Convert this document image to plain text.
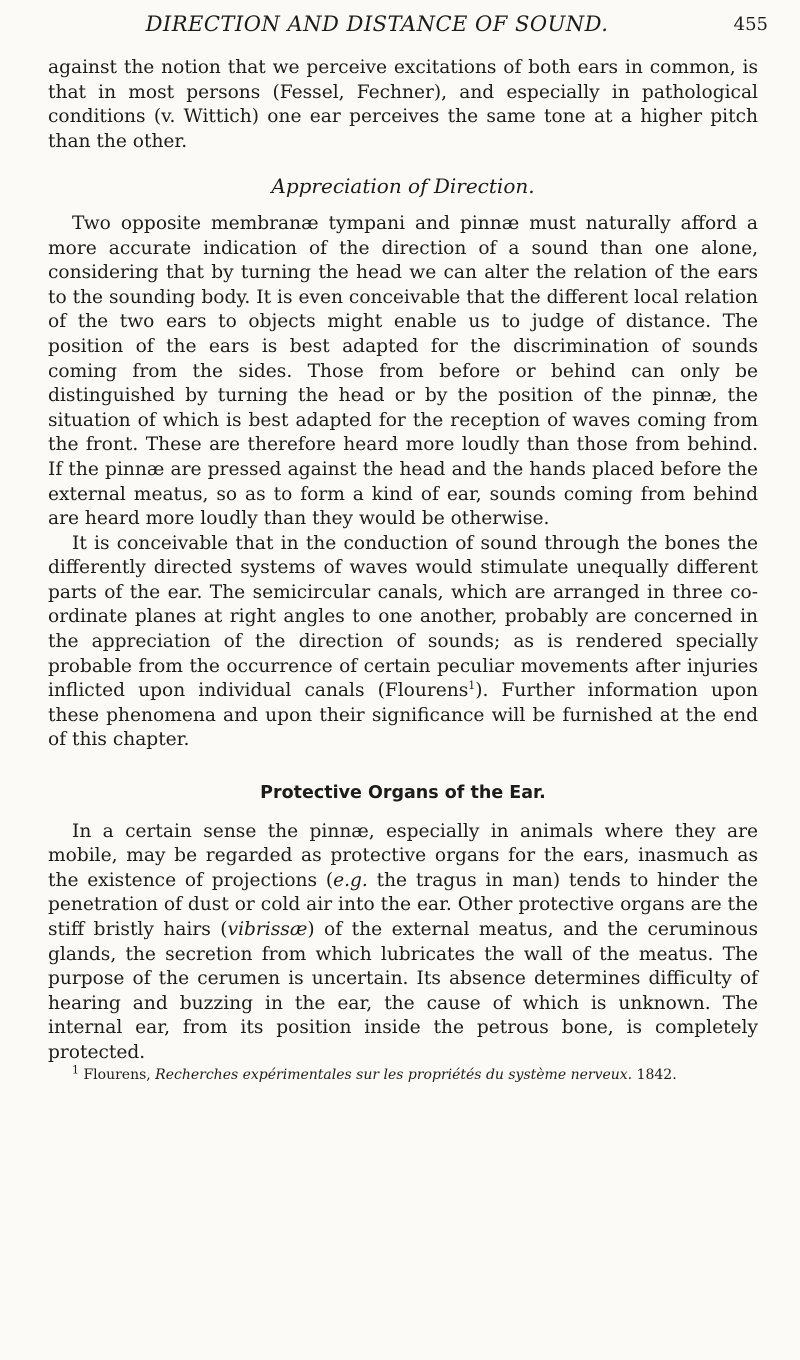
DIRECTION AND DISTANCE OF SOUND.	455

against the notion that we perceive excitations of both ears in common, is that in most persons (Fessel, Fechner), and especially in pathological conditions (v. Wittich) one ear perceives the same tone at a higher pitch than the other.

Appreciation of Direction.

Two opposite membranæ tympani and pinnæ must naturally afford a more accurate indication of the direction of a sound than one alone, considering that by turning the head we can alter the relation of the ears to the sounding body. It is even conceivable that the different local relation of the two ears to objects might enable us to judge of distance. The position of the ears is best adapted for the discrimination of sounds coming from the sides. Those from before or behind can only be distinguished by turning the head or by the position of the pinnæ, the situation of which is best adapted for the reception of waves coming from the front. These are therefore heard more loudly than those from behind. If the pinnæ are pressed against the head and the hands placed before the external meatus, so as to form a kind of ear, sounds coming from behind are heard more loudly than they would be otherwise.

It is conceivable that in the conduction of sound through the bones the differently directed systems of waves would stimulate unequally different parts of the ear. The semicircular canals, which are arranged in three co-ordinate planes at right angles to one another, probably are concerned in the appreciation of the direction of sounds; as is rendered specially probable from the occurrence of certain peculiar movements after injuries inflicted upon individual canals (Flourens$^1$). Further information upon these phenomena and upon their significance will be furnished at the end of this chapter.

Protective Organs of the Ear.

In a certain sense the pinnæ, especially in animals where they are mobile, may be regarded as protective organs for the ears, inasmuch as the existence of projections (e.g. the tragus in man) tends to hinder the penetration of dust or cold air into the ear. Other protective organs are the stiff bristly hairs (vibrissæ) of the external meatus, and the ceruminous glands, the secretion from which lubricates the wall of the meatus. The purpose of the cerumen is uncertain. Its absence determines difficulty of hearing and buzzing in the ear, the cause of which is unknown. The internal ear, from its position inside the petrous bone, is completely protected.

$^1$ Flourens, Recherches expérimentales sur les propriétés du système nerveux. 1842.
